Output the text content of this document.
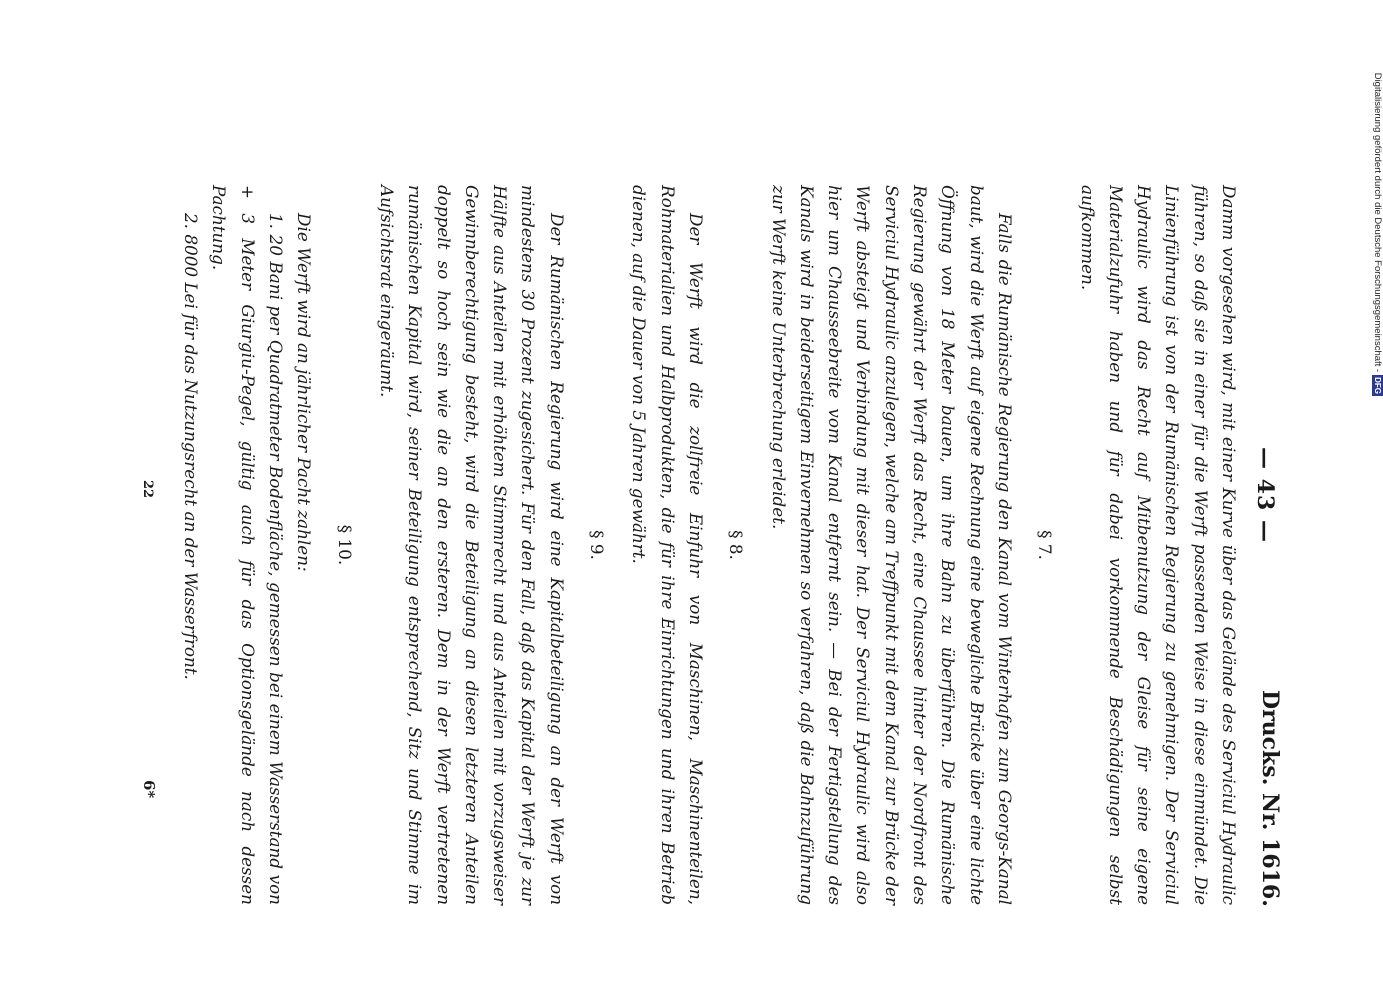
— 43 —
Drucks. Nr. 1616.

Damm vorgesehen wird, mit einer Kurve über das Gelände des Serviciul Hydraulic führen, so daß sie in einer für die Werft passenden Weise in diese einmündet. Die Linienführung ist von der Rumänischen Regierung zu genehmigen. Der Serviciul Hydraulic wird das Recht auf Mitbenutzung der Gleise für seine eigene Materialzufuhr haben und für dabei vorkommende Beschädigungen selbst aufkommen.

§ 7.

Falls die Rumänische Regierung den Kanal vom Winterhafen zum Georgs-Kanal baut, wird die Werft auf eigene Rechnung eine bewegliche Brücke über eine lichte Öffnung von 18 Meter bauen, um ihre Bahn zu überführen. Die Rumänische Regierung gewährt der Werft das Recht, eine Chaussee hinter der Nordfront des Serviciul Hydraulic anzulegen, welche am Treffpunkt mit dem Kanal zur Brücke der Werft absteigt und Verbindung mit dieser hat. Der Serviciul Hydraulic wird also hier um Chausseebreite vom Kanal entfernt sein. — Bei der Fertigstellung des Kanals wird in beiderseitigem Einvernehmen so verfahren, daß die Bahnzuführung zur Werft keine Unterbrechung erleidet.

§ 8.

Der Werft wird die zollfreie Einfuhr von Maschinen, Maschinenteilen, Rohmaterialien und Halbprodukten, die für ihre Einrichtungen und ihren Betrieb dienen, auf die Dauer von 5 Jahren gewährt.

§ 9.

Der Rumänischen Regierung wird eine Kapitalbeteiligung an der Werft von mindestens 30 Prozent zugesichert. Für den Fall, daß das Kapital der Werft je zur Hälfte aus Anteilen mit erhöhtem Stimmrecht und aus Anteilen mit vorzugsweiser Gewinnberechtigung besteht, wird die Beteiligung an diesen letzteren Anteilen doppelt so hoch sein wie die an den ersteren. Dem in der Werft vertretenen rumänischen Kapital wird, seiner Beteiligung entsprechend, Sitz und Stimme im Aufsichtsrat eingeräumt.

§ 10.

Die Werft wird an jährlicher Pacht zahlen:

1. 20 Bani per Quadratmeter Bodenfläche, gemessen bei einem Wasserstand von + 3 Meter Giurgiu-Pegel, gültig auch für das Optionsgelände nach dessen Pachtung.

2. 8000 Lei für das Nutzungsrecht an der Wasserfront.

22
6*
Digitalisierung gefördert durch die Deutsche Forschungsgemeinschaft -DFG
